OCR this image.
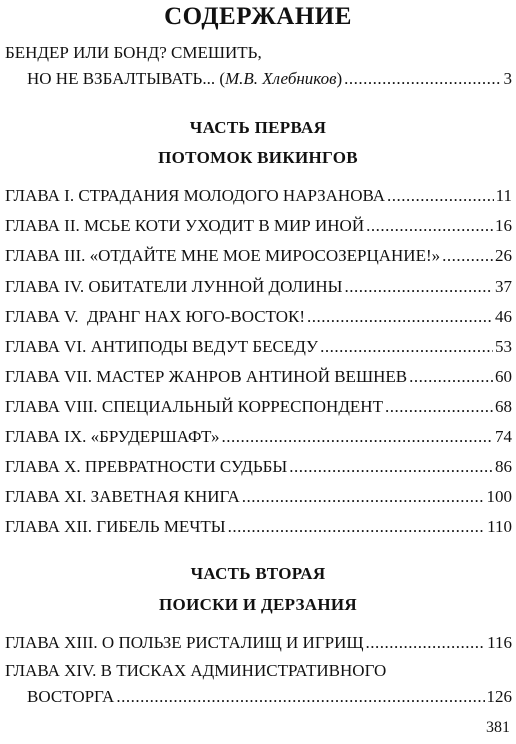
СОДЕРЖАНИЕ
БЕНДЕР ИЛИ БОНД? СМЕШИТЬ,
НО НЕ ВЗБАЛТЫВАТЬ... (М.В. Хлебников) .....	3
ЧАСТЬ ПЕРВАЯ
ПОТОМОК ВИКИНГОВ
ГЛАВА I. СТРАДАНИЯ МОЛОДОГО НАРЗАНОВА .....	11
ГЛАВА II. МСЬЕ КОТИ УХОДИТ В МИР ИНОЙ .....	16
ГЛАВА III. «ОТДАЙТЕ МНЕ МОЕ МИРОСОЗЕРЦАНИЕ!» .....	26
ГЛАВА IV. ОБИТАТЕЛИ ЛУННОЙ ДОЛИНЫ .....	37
ГЛАВА V.  ДРАНГ НАХ ЮГО-ВОСТОК! .....	46
ГЛАВА VI. АНТИПОДЫ ВЕДУТ БЕСЕДУ .....	53
ГЛАВА VII. МАСТЕР ЖАНРОВ АНТИНОЙ ВЕШНЕВ .....	60
ГЛАВА VIII. СПЕЦИАЛЬНЫЙ КОРРЕСПОНДЕНТ .....	68
ГЛАВА IX. «БРУДЕРШАФТ» .....	74
ГЛАВА X. ПРЕВРАТНОСТИ СУДЬБЫ .....	86
ГЛАВА XI. ЗАВЕТНАЯ КНИГА .....	100
ГЛАВА XII. ГИБЕЛЬ МЕЧТЫ .....	110
ЧАСТЬ ВТОРАЯ
ПОИСКИ И ДЕРЗАНИЯ
ГЛАВА XIII. О ПОЛЬЗЕ РИСТАЛИЩ И ИГРИЩ .....	116
ГЛАВА XIV. В ТИСКАХ АДМИНИСТРАТИВНОГО
ВОСТОРГА .....	126
381
